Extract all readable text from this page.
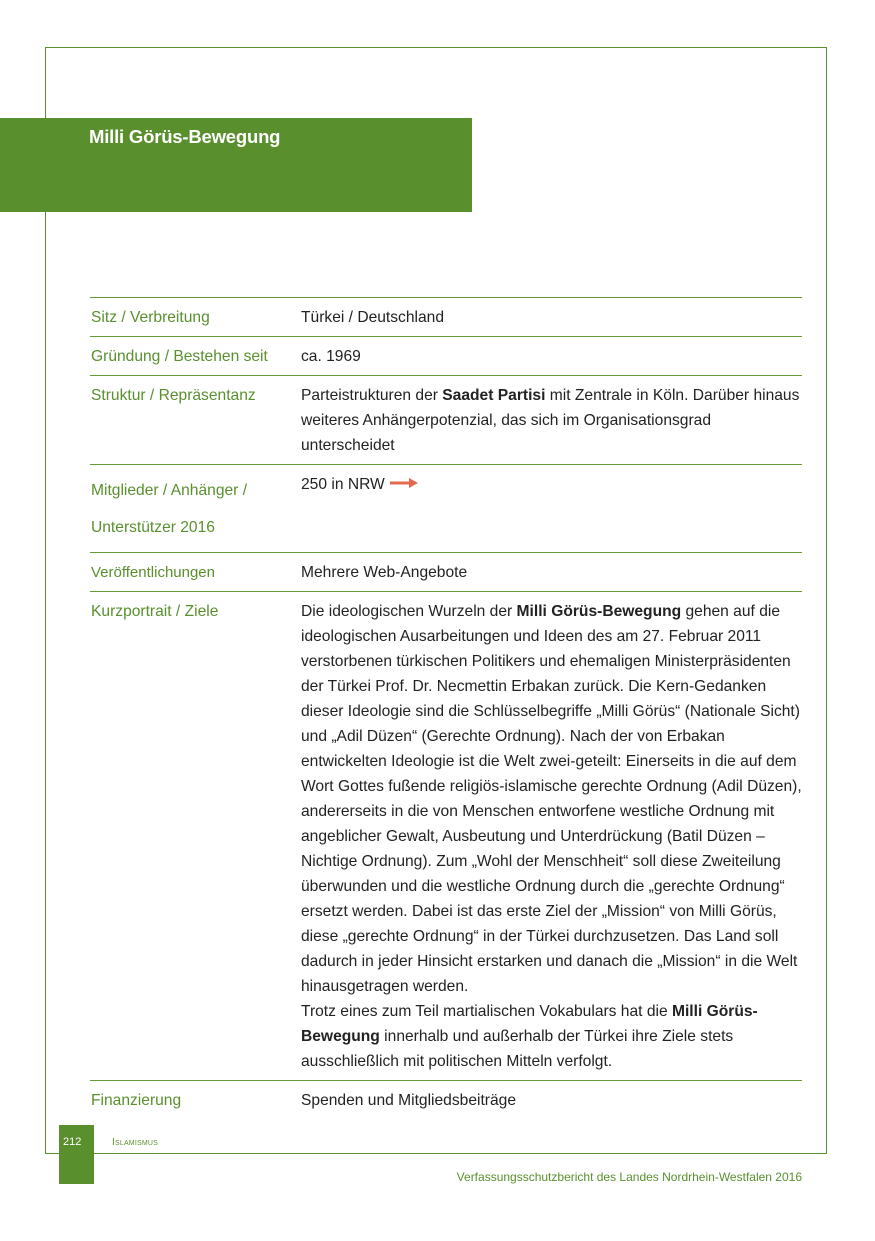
Milli Görüs-Bewegung
Sitz / Verbreitung	Türkei / Deutschland
Gründung / Bestehen seit	ca. 1969
Struktur / Repräsentanz	Parteistrukturen der Saadet Partisi mit Zentrale in Köln. Darüber hinaus weiteres Anhängerpotenzial, das sich im Organisationsgrad unterscheidet
Mitglieder / Anhänger / Unterstützer 2016	250 in NRW
Veröffentlichungen	Mehrere Web-Angebote
Kurzportrait / Ziele	Die ideologischen Wurzeln der Milli Görüs-Bewegung gehen auf die ideologischen Ausarbeitungen und Ideen des am 27. Februar 2011 verstorbenen türkischen Politikers und ehemaligen Ministerpräsidenten der Türkei Prof. Dr. Necmettin Erbakan zurück. Die Kern-Gedanken dieser Ideologie sind die Schlüsselbegriffe „Milli Görüs“ (Nationale Sicht) und „Adil Düzen“ (Gerechte Ordnung). Nach der von Erbakan entwickelten Ideologie ist die Welt zwei-geteilt: Einerseits in die auf dem Wort Gottes fußende religiös-islamische gerechte Ordnung (Adil Düzen), andererseits in die von Menschen entworfene westliche Ordnung mit angeblicher Gewalt, Ausbeutung und Unterdrückung (Batil Düzen – Nichtige Ordnung). Zum „Wohl der Menschheit“ soll diese Zweiteilung überwunden und die westliche Ordnung durch die „gerechte Ordnung“ ersetzt werden. Dabei ist das erste Ziel der „Mission“ von Milli Görüs, diese „gerechte Ordnung“ in der Türkei durchzusetzen. Das Land soll dadurch in jeder Hinsicht erstarken und danach die „Mission“ in die Welt hinausgetragen werden.
Trotz eines zum Teil martialischen Vokabulars hat die Milli Görüs-Bewegung innerhalb und außerhalb der Türkei ihre Ziele stets ausschließlich mit politischen Mitteln verfolgt.

Finanzierung	Spenden und Mitgliedsbeiträge
212	Islamismus
Verfassungsschutzbericht des Landes Nordrhein-Westfalen 2016
